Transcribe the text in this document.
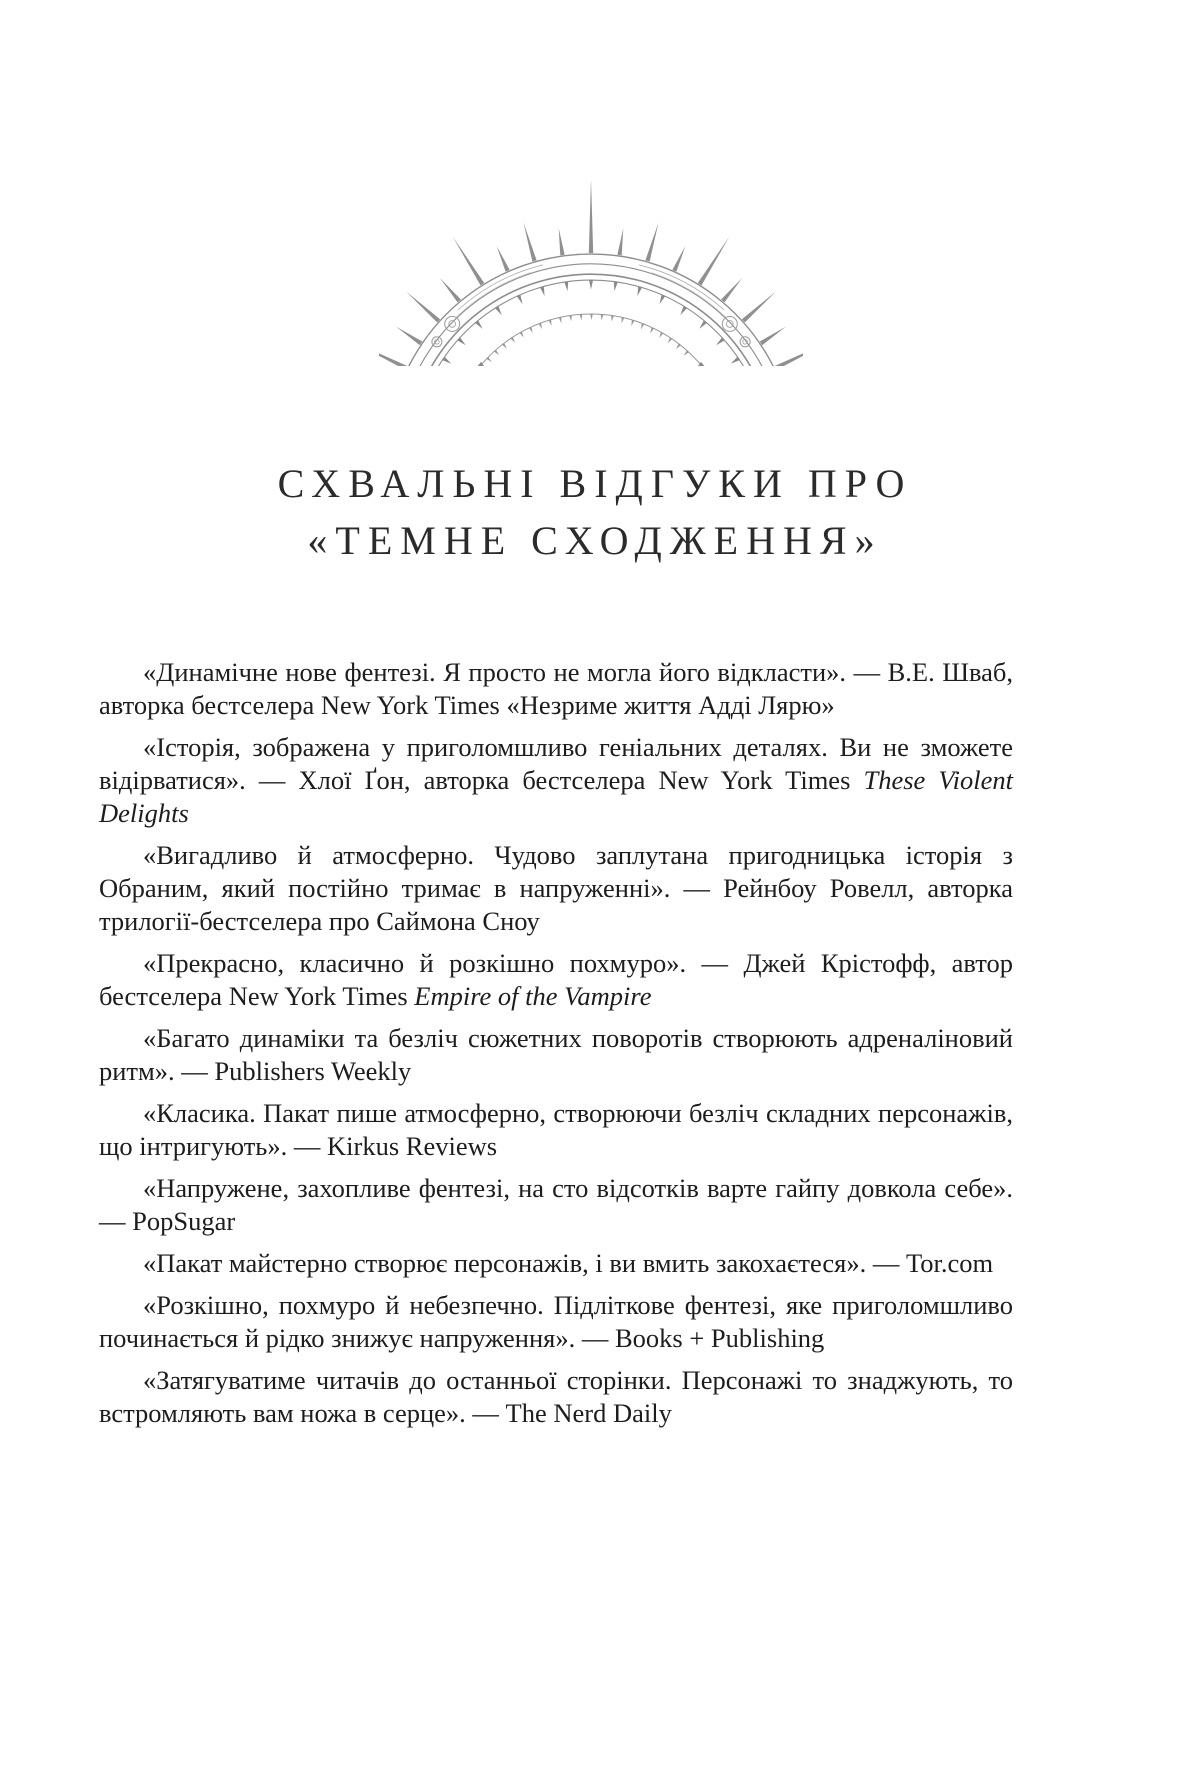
СХВАЛЬНІ ВІДГУКИ ПРО
«ТЕМНЕ СХОДЖЕННЯ»

«Динамічне нове фентезі. Я просто не могла його відкласти». — В.Е. Шваб, авторка бестселера New York Times «Незриме життя Адді Лярю»

«Історія, зображена у приголомшливо геніальних деталях. Ви не зможете відірватися». — Хлої Ґон, авторка бестселера New York Times These Violent Delights

«Вигадливо й атмосферно. Чудово заплутана пригодницька історія з Обраним, який постійно тримає в напруженні». — Рейнбоу Ровелл, авторка трилогії-бестселера про Саймона Сноу

«Прекрасно, класично й розкішно похмуро». — Джей Крістофф, автор бестселера New York Times Empire of the Vampire

«Багато динаміки та безліч сюжетних поворотів створюють адреналіновий ритм». — Publishers Weekly

«Класика. Пакат пише атмосферно, створюючи безліч складних персонажів, що інтригують». — Kirkus Reviews

«Напружене, захопливе фентезі, на сто відсотків варте гайпу довкола себе». — PopSugar

«Пакат майстерно створює персонажів, і ви вмить закохаєтеся». — Tor.com

«Розкішно, похмуро й небезпечно. Підліткове фентезі, яке приголомшливо починається й рідко знижує напруження». — Books + Publishing

«Затягуватиме читачів до останньої сторінки. Персонажі то знаджують, то встромляють вам ножа в серце». — The Nerd Daily
